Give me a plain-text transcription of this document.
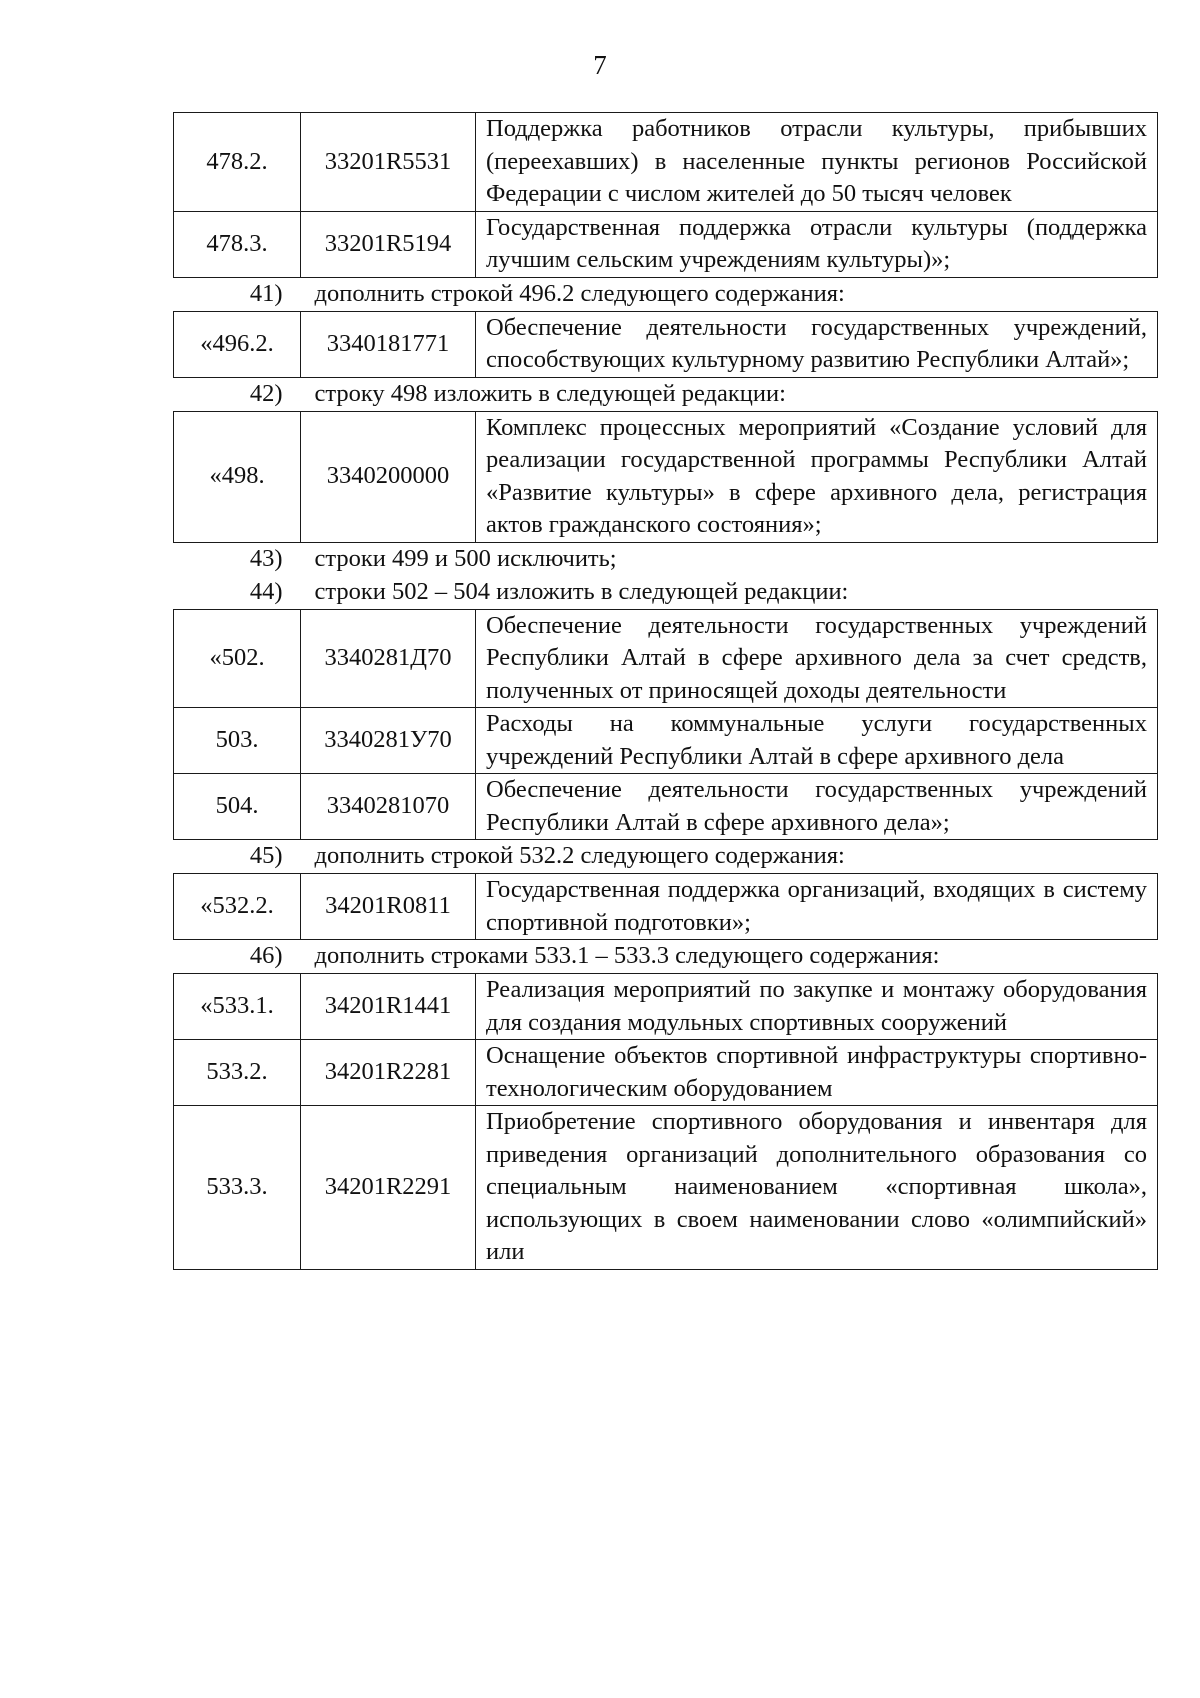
7
478.2.	33201R5531	Поддержка работников отрасли культуры, прибывших (переехавших) в населенные пункты регионов Российской Федерации с числом жителей до 50 тысяч человек
478.3.	33201R5194	Государственная поддержка отрасли культуры (поддержка лучшим сельским учреждениям культуры)»;
41)	дополнить строкой 496.2 следующего содержания:	
«496.2.	3340181771	Обеспечение деятельности государственных учреждений, способствующих культурному развитию Республики Алтай»;
42)	строку 498 изложить в следующей редакции:	
«498.	3340200000	Комплекс процессных мероприятий «Создание условий для реализации государственной программы Республики Алтай «Развитие культуры» в сфере архивного дела, регистрация актов гражданского состояния»;
43)	строки 499 и 500 исключить;	
44)	строки 502 – 504 изложить в следующей редакции:	
«502.	3340281Д70	Обеспечение деятельности государственных учреждений Республики Алтай в сфере архивного дела за счет средств, полученных от приносящей доходы деятельности
503.	3340281У70	Расходы на коммунальные услуги государственных учреждений Республики Алтай в сфере архивного дела
504.	3340281070	Обеспечение деятельности государственных учреждений Республики Алтай в сфере архивного дела»;
45)	дополнить строкой 532.2 следующего содержания:	
«532.2.	34201R0811	Государственная поддержка организаций, входящих в систему спортивной подготовки»;
46)	дополнить строками 533.1 – 533.3 следующего содержания:	
«533.1.	34201R1441	Реализация мероприятий по закупке и монтажу оборудования для создания модульных спортивных сооружений
533.2.	34201R2281	Оснащение объектов спортивной инфраструктуры спортивно-технологическим оборудованием
533.3.	34201R2291	Приобретение спортивного оборудования и инвентаря для приведения организаций дополнительного образования со специальным наименованием «спортивная школа», использующих в своем наименовании слово «олимпийский» или
